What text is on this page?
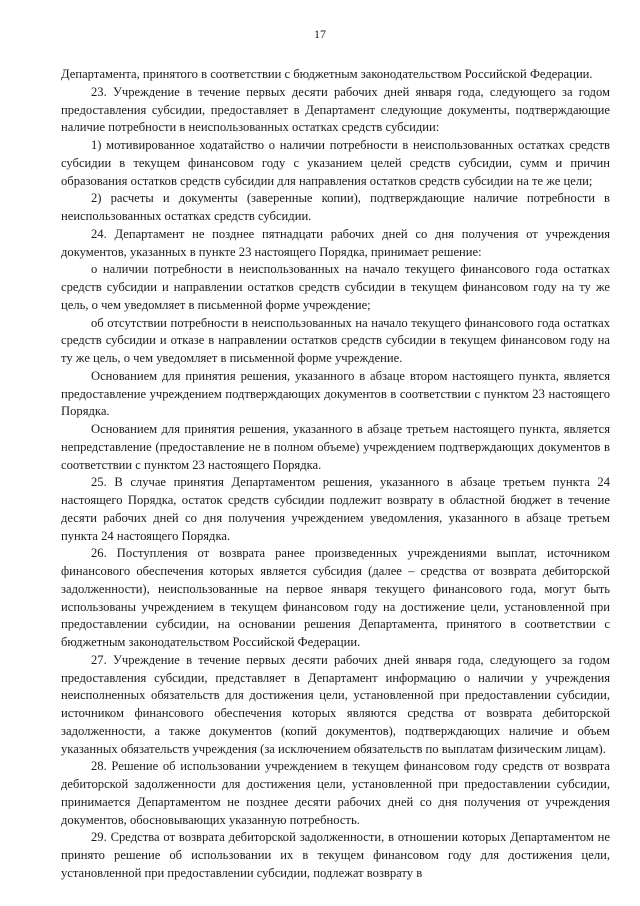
17

Департамента, принятого в соответствии с бюджетным законодательством Российской Федерации.

23. Учреждение в течение первых десяти рабочих дней января года, следующего за годом предоставления субсидии, предоставляет в Департамент следующие документы, подтверждающие наличие потребности в неиспользованных остатках средств субсидии:

1) мотивированное ходатайство о наличии потребности в неиспользованных остатках средств субсидии в текущем финансовом году с указанием целей средств субсидии, сумм и причин образования остатков средств субсидии для направления остатков средств субсидии на те же цели;

2) расчеты и документы (заверенные копии), подтверждающие наличие потребности в неиспользованных остатках средств субсидии.

24. Департамент не позднее пятнадцати рабочих дней со дня получения от учреждения документов, указанных в пункте 23 настоящего Порядка, принимает решение:

о наличии потребности в неиспользованных на начало текущего финансового года остатках средств субсидии и направлении остатков средств субсидии в текущем финансовом году на ту же цель, о чем уведомляет в письменной форме учреждение;

об отсутствии потребности в неиспользованных на начало текущего финансового года остатках средств субсидии и отказе в направлении остатков средств субсидии в текущем финансовом году на ту же цель, о чем уведомляет в письменной форме учреждение.

Основанием для принятия решения, указанного в абзаце втором настоящего пункта, является предоставление учреждением подтверждающих документов в соответствии с пунктом 23 настоящего Порядка.

Основанием для принятия решения, указанного в абзаце третьем настоящего пункта, является непредставление (предоставление не в полном объеме) учреждением подтверждающих документов в соответствии с пунктом 23 настоящего Порядка.

25. В случае принятия Департаментом решения, указанного в абзаце третьем пункта 24 настоящего Порядка, остаток средств субсидии подлежит возврату в областной бюджет в течение десяти рабочих дней со дня получения учреждением уведомления, указанного в абзаце третьем пункта 24 настоящего Порядка.

26. Поступления от возврата ранее произведенных учреждениями выплат, источником финансового обеспечения которых является субсидия (далее – средства от возврата дебиторской задолженности), неиспользованные на первое января текущего финансового года, могут быть использованы учреждением в текущем финансовом году на достижение цели, установленной при предоставлении субсидии, на основании решения Департамента, принятого в соответствии с бюджетным законодательством Российской Федерации.

27. Учреждение в течение первых десяти рабочих дней января года, следующего за годом предоставления субсидии, представляет в Департамент информацию о наличии у учреждения неисполненных обязательств для достижения цели, установленной при предоставлении субсидии, источником финансового обеспечения которых являются средства от возврата дебиторской задолженности, а также документов (копий документов), подтверждающих наличие и объем указанных обязательств учреждения (за исключением обязательств по выплатам физическим лицам).

28. Решение об использовании учреждением в текущем финансовом году средств от возврата дебиторской задолженности для достижения цели, установленной при предоставлении субсидии, принимается Департаментом не позднее десяти рабочих дней со дня получения от учреждения документов, обосновывающих указанную потребность.

29. Средства от возврата дебиторской задолженности, в отношении которых Департаментом не принято решение об использовании их в текущем финансовом году для достижения цели, установленной при предоставлении субсидии, подлежат возврату в
